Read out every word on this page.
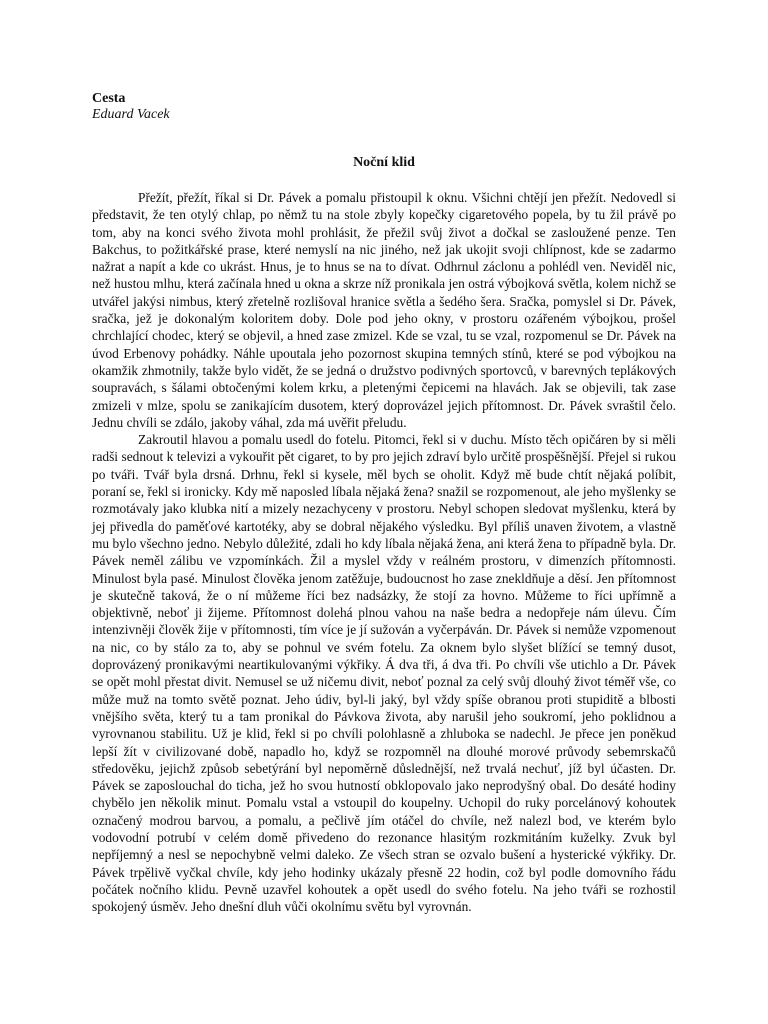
Cesta
Eduard Vacek
Noční klid

Přežít, přežít, říkal si Dr. Pávek a pomalu přistoupil k oknu. Všichni chtějí jen přežít. Nedovedl si představit, že ten otylý chlap, po němž tu na stole zbyly kopečky cigaretového popela, by tu žil právě po tom, aby na konci svého života mohl prohlásit, že přežil svůj život a dočkal se zasloužené penze. Ten Bakchus, to požitkářské prase, které nemyslí na nic jiného, než jak ukojit svoji chlípnost, kde se zadarmo nažrat a napít a kde co ukrást. Hnus, je to hnus se na to dívat. Odhrnul záclonu a pohlédl ven. Neviděl nic, než hustou mlhu, která začínala hned u okna a skrze níž pronikala jen ostrá výbojková světla, kolem nichž se utvářel jakýsi nimbus, který zřetelně rozlišoval hranice světla a šedého šera. Sračka, pomyslel si Dr. Pávek, sračka, jež je dokonalým koloritem doby. Dole pod jeho okny, v prostoru ozářeném výbojkou, prošel chrchlající chodec, který se objevil, a hned zase zmizel. Kde se vzal, tu se vzal, rozpomenul se Dr. Pávek na úvod Erbenovy pohádky. Náhle upoutala jeho pozornost skupina temných stínů, které se pod výbojkou na okamžik zhmotnily, takže bylo vidět, že se jedná o družstvo podivných sportovců, v barevných teplákových soupravách, s šálami obtočenými kolem krku, a pletenými čepicemi na hlavách. Jak se objevili, tak zase zmizeli v mlze, spolu se zanikajícím dusotem, který doprovázel jejich přítomnost. Dr. Pávek svraštil čelo. Jednu chvíli se zdálo, jakoby váhal, zda má uvěřit přeludu.

Zakroutil hlavou a pomalu usedl do fotelu. Pitomci, řekl si v duchu. Místo těch opičáren by si měli radši sednout k televizi a vykouřit pět cigaret, to by pro jejich zdraví bylo určitě prospěšnější. Přejel si rukou po tváři. Tvář byla drsná. Drhnu, řekl si kysele, měl bych se oholit. Když mě bude chtít nějaká políbit, poraní se, řekl si ironicky. Kdy mě naposled líbala nějaká žena? snažil se rozpomenout, ale jeho myšlenky se rozmotávaly jako klubka nití a mizely nezachyceny v prostoru. Nebyl schopen sledovat myšlenku, která by jej přivedla do paměťové kartotéky, aby se dobral nějakého výsledku. Byl příliš unaven životem, a vlastně mu bylo všechno jedno. Nebylo důležité, zdali ho kdy líbala nějaká žena, ani která žena to případně byla. Dr. Pávek neměl zálibu ve vzpomínkách. Žil a myslel vždy v reálném prostoru, v dimenzích přítomnosti. Minulost byla pasé. Minulost člověka jenom zatěžuje, budoucnost ho zase znekldňuje a děsí. Jen přítomnost je skutečně taková, že o ní můžeme říci bez nadsázky, že stojí za hovno. Můžeme to říci upřímně a objektivně, neboť ji žijeme. Přítomnost dolehá plnou vahou na naše bedra a nedopřeje nám úlevu. Čím intenzivněji člověk žije v přítomnosti, tím více je jí sužován a vyčerpáván. Dr. Pávek si nemůže vzpomenout na nic, co by stálo za to, aby se pohnul ve svém fotelu. Za oknem bylo slyšet blížící se temný dusot, doprovázený pronikavými neartikulovanými výkřiky. Á dva tři, á dva tři. Po chvíli vše utichlo a Dr. Pávek se opět mohl přestat divit. Nemusel se už ničemu divit, neboť poznal za celý svůj dlouhý život téměř vše, co může muž na tomto světě poznat. Jeho údiv, byl-li jaký, byl vždy spíše obranou proti stupiditě a blbosti vnějšího světa, který tu a tam pronikal do Pávkova života, aby narušil jeho soukromí, jeho poklidnou a vyrovnanou stabilitu. Už je klid, řekl si po chvíli polohlasně a zhluboka se nadechl. Je přece jen poněkud lepší žít v civilizované době, napadlo ho, když se rozpomněl na dlouhé morové průvody sebemrskačů středověku, jejichž způsob sebetýrání byl nepoměrně důslednější, než trvalá nechuť, jíž byl účasten. Dr. Pávek se zaposlouchal do ticha, jež ho svou hutností obklopovalo jako neprodyšný obal. Do desáté hodiny chybělo jen několik minut. Pomalu vstal a vstoupil do koupelny. Uchopil do ruky porcelánový kohoutek označený modrou barvou, a pomalu, a pečlivě jím otáčel do chvíle, než nalezl bod, ve kterém bylo vodovodní potrubí v celém domě přivedeno do rezonance hlasitým rozkmitáním kuželky. Zvuk byl nepříjemný a nesl se nepochybně velmi daleko. Ze všech stran se ozvalo bušení a hysterické výkřiky. Dr. Pávek trpělivě vyčkal chvíle, kdy jeho hodinky ukázaly přesně 22 hodin, což byl podle domovního řádu počátek nočního klidu. Pevně uzavřel kohoutek a opět usedl do svého fotelu. Na jeho tváři se rozhostil spokojený úsměv. Jeho dnešní dluh vůči okolnímu světu byl vyrovnán.
